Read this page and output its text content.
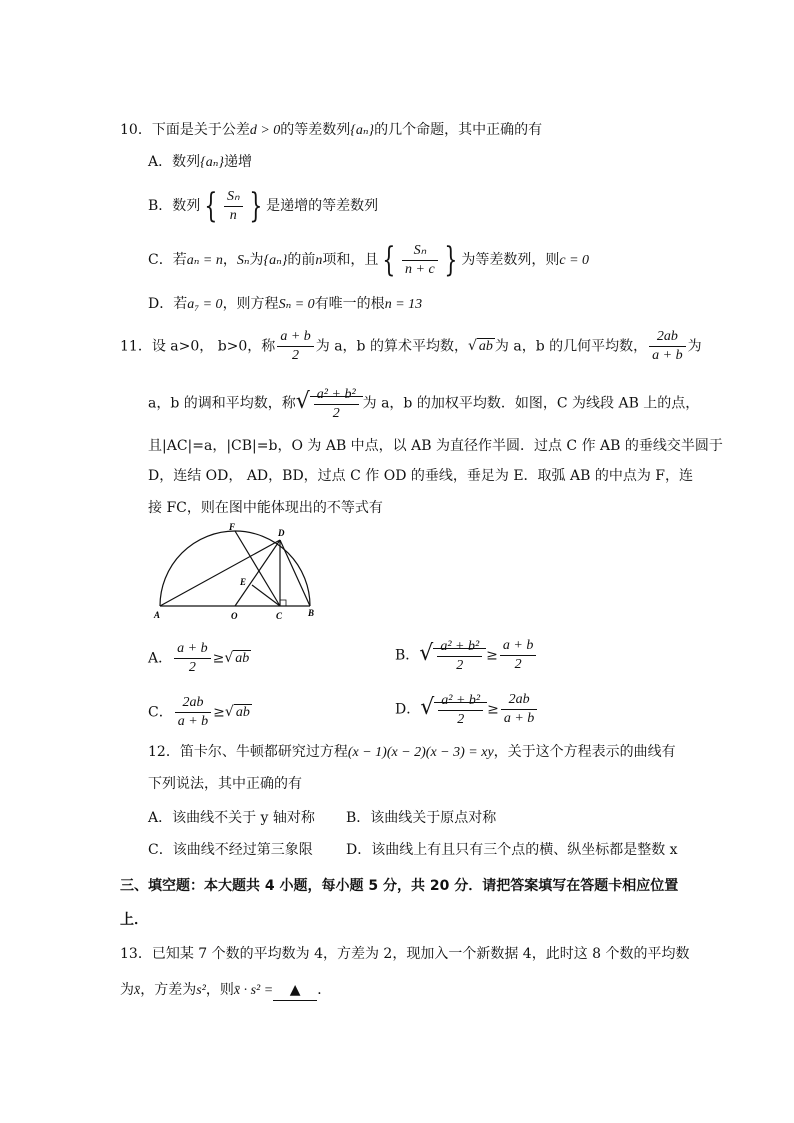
10．下面是关于公差d > 0的等差数列{aₙ}的几个命题，其中正确的有
A．数列{aₙ}递增
B．数列 { $\frac{\text{Sₙ}}{n}$ } 是递增的等差数列
C．若aₙ = n，Sₙ为{aₙ}的前n项和，且 { $\frac{\text{Sₙ}}{n + c}$ } 为等差数列，则c = 0
D．若a₇ = 0，则方程Sₙ = 0有唯一的根n = 13
11．设 a>0， b>0，称 $\frac{a + b}{2}$ 为 a，b 的算术平均数，√ ab 为 a，b 的几何平均数， $\frac{2ab}{a + b}$ 为
a，b 的调和平均数，称√ $\frac{\text{a² + b²}}{2}$ 为 a，b 的加权平均数．如图，C 为线段 AB 上的点，
且|AC|=a，|CB|=b，O 为 AB 中点，以 AB 为直径作半圆．过点 C 作 AB 的垂线交半圆于
D，连结 OD， AD，BD，过点 C 作 OD 的垂线，垂足为 E．取弧 AB 的中点为 F，连
接 FC，则在图中能体现出的不等式有
A	O	C	B
D
E
F
A． $\frac{a + b}{2}$ ≥√ ab	B．√ $\frac{\text{a² + b²}}{2} \ge \frac{a + b}{2}$
C． $\frac{2ab}{a + b}$ ≥√ ab	D．√ $\frac{\text{a² + b²}}{2} \ge \frac{2ab}{a + b}$
12．笛卡尔、牛顿都研究过方程(x − 1)(x − 2)(x − 3) = xy，关于这个方程表示的曲线有
下列说法，其中正确的有
A．该曲线不关于 y 轴对称 B．该曲线关于原点对称
C．该曲线不经过第三象限 D．该曲线上有且只有三个点的横、纵坐标都是整数 x
三、填空题：本大题共 4 小题，每小题 5 分，共 20 分．请把答案填写在答题卡相应位置
上．
13．已知某 7 个数的平均数为 4，方差为 2，现加入一个新数据 4，此时这 8 个数的平均数
为x̄，方差为s²，则x̄ · s² = ▲ ．
